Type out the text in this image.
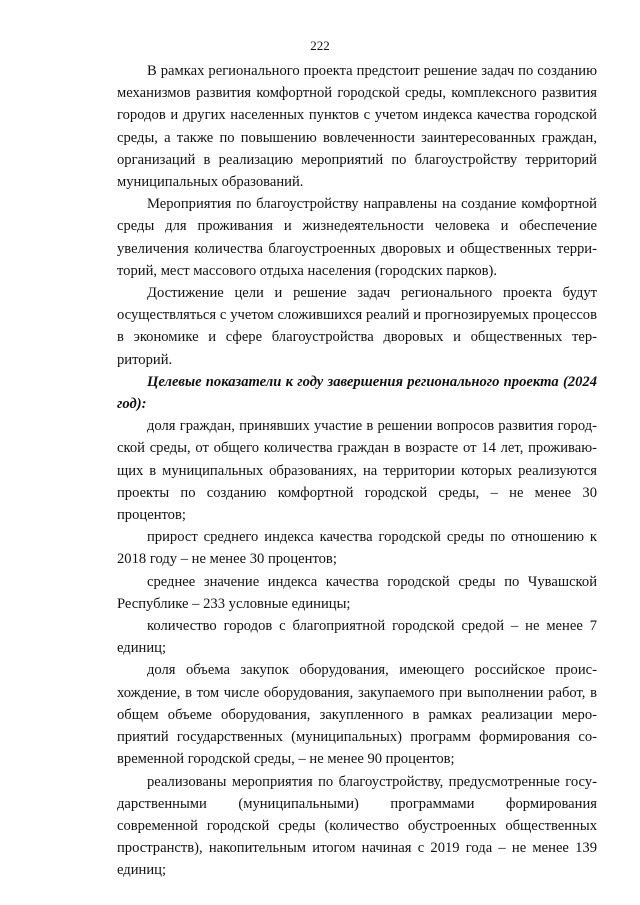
222

В рамках регионального проекта предстоит решение задач по созданию механизмов развития комфортной городской среды, комплексного развития городов и других населенных пунктов с учетом индекса качества городской среды, а также по повышению вовлеченности заинтересованных граждан, организаций в реализацию мероприятий по благоустройству территорий муниципальных образований.

Мероприятия по благоустройству направлены на создание комфортной среды для проживания и жизнедеятельности человека и обеспечение увеличения количества благоустроенных дворовых и общественных территорий, мест массового отдыха населения (городских парков).

Достижение цели и решение задач регионального проекта будут осуществляться с учетом сложившихся реалий и прогнозируемых процессов в экономике и сфере благоустройства дворовых и общественных территорий.

Целевые показатели к году завершения регионального проекта (2024 год):

доля граждан, принявших участие в решении вопросов развития городской среды, от общего количества граждан в возрасте от 14 лет, проживающих в муниципальных образованиях, на территории которых реализуются проекты по созданию комфортной городской среды, – не менее 30 процентов;

прирост среднего индекса качества городской среды по отношению к 2018 году – не менее 30 процентов;

среднее значение индекса качества городской среды по Чувашской Республике – 233 условные единицы;

количество городов с благоприятной городской средой – не менее 7 единиц;

доля объема закупок оборудования, имеющего российское происхождение, в том числе оборудования, закупаемого при выполнении работ, в общем объеме оборудования, закупленного в рамках реализации мероприятий государственных (муниципальных) программ формирования современной городской среды, – не менее 90 процентов;

реализованы мероприятия по благоустройству, предусмотренные государственными (муниципальными) программами формирования современной городской среды (количество обустроенных общественных пространств), накопительным итогом начиная с 2019 года – не менее 139 единиц;
